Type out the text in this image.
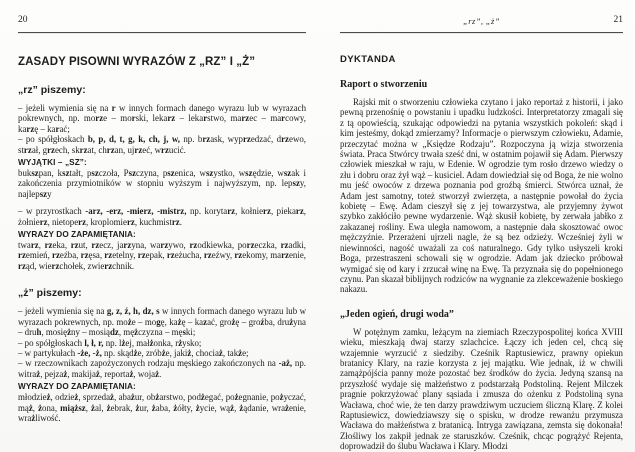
20
ZASADY PISOWNI WYRAZÓW Z „RZ” I „Ż”
„rz” piszemy:

– jeżeli wymienia się na r w innych formach danego wyrazu lub w wyrazach pokrewnych, np. morze – morski, lekarz – lekarstwo, marzec – marcowy, karzę – karać;

– po spółgłoskach b, p, d, t, g, k, ch, j, w, np. brzask, wyprzedzać, drzewo, strzał, grzech, skrzat, chrzan, ujrzeć, wrzucić.

WYJĄTKI – „SZ”:

bukszpan, kształt, pszczoła, Pszczyna, pszenica, wszystko, wszędzie, wszak i zakończenia przymiotników w stopniu wyższym i najwyższym, np. lepszy, najlepszy

– w przyrostkach -arz, -erz, -mierz, -mistrz, np. korytarz, kołnierz, piekarz, żołnierz, nietoperz, kroplomierz, kuchmistrz.

WYRAZY DO ZAPAMIĘTANIA:

twarz, rzeka, rzut, rzecz, jarzyna, warzywo, rzodkiewka, porzeczka, rzadki, rzemień, rzeźba, rzęsa, rzetelny, rzepak, rzeżucha, rzeźwy, rzekomy, marzenie, rząd, wierzchołek, zwierzchnik.

„ż” piszemy:

– jeżeli wymienia się na g, z, ź, h, dz, s w innych formach danego wyrazu lub w wyrazach pokrewnych, np. może – mogę, każę – kazać, grożę – groźba, drużyna – druh, mosiężny – mosiądz, mężczyzna – męski;

– po spółgłoskach l, ł, r, np. lżej, małżonka, rżysko;

– w partykułach -że, -ż, np. skądże, zróbże, jakiż, chociaż, także;

– w rzeczownikach zapożyczonych rodzaju męskiego zakończonych na -aż, np. witraż, pejzaż, makijaż, reportaż, wojaż.

WYRAZY DO ZAPAMIĘTANIA:

młodzież, odzież, sprzedaż, abażur, obżarstwo, podżegać, pożegnanie, pożyczać, mąż, żona, miąższ, żal, żebrak, żur, żaba, żółty, życie, wąż, żądanie, wrażenie, wrażliwość.

„rz”, „ż”	21
DYKTANDA
Raport o stworzeniu

Rajski mit o stworzeniu człowieka czytano i jako reportaż z historii, i jako pewną przenośnię o powstaniu i upadku ludzkości. Interpretatorzy zmagali się z tą opowieścią, szukając odpowiedzi na pytania wszystkich pokoleń: skąd i kim jesteśmy, dokąd zmierzamy? Informacje o pierwszym człowieku, Adamie, przeczytać można w „Księdze Rodzaju”. Rozpoczyna ją wizja stworzenia świata. Praca Stwórcy trwała sześć dni, w ostatnim pojawił się Adam. Pierwszy człowiek mieszkał w raju, w Edenie. W ogrodzie tym rosło drzewo wiedzy o złu i dobru oraz żył wąż – kusiciel. Adam dowiedział się od Boga, że nie wolno mu jeść owoców z drzewa poznania pod groźbą śmierci. Stwórca uznał, że Adam jest samotny, toteż stworzył zwierzęta, a następnie powołał do życia kobietę – Ewę. Adam cieszył się z jej towarzystwa, ale przyjemny żywot szybko zakłóciło pewne wydarzenie. Wąż skusił kobietę, by zerwała jabłko z zakazanej rośliny. Ewa uległa namowom, a następnie dała skosztować owoc mężczyźnie. Przerażeni ujrzeli nagle, że są bez odzieży. Wcześniej żyli w niewinności, nagość uważali za coś naturalnego. Gdy tylko usłyszeli kroki Boga, przestraszeni schowali się w ogrodzie. Adam jak dziecko próbował wymigać się od kary i zrzucał winę na Ewę. Ta przyznała się do popełnionego czynu. Pan skazał biblijnych rodziców na wygnanie za zlekceważenie boskiego nakazu.

„Jeden ogień, drugi woda”

W potężnym zamku, leżącym na ziemiach Rzeczypospolitej końca XVIII wieku, mieszkają dwaj starzy szlachcice. Łączy ich jeden cel, chcą się wzajemnie wyrzucić z siedziby. Cześnik Raptusiewicz, prawny opiekun bratanicy Klary, na razie korzysta z jej majątku. Wie jednak, iż w chwili zamążpójścia panny może pozostać bez środków do życia. Jedyną szansą na przyszłość wydaje się małżeństwo z podstarzałą Podstoliną. Rejent Milczek pragnie pokrzyżować plany sąsiada i zmusza do ożenku z Podstoliną syna Wacława, choć wie, że ten darzy prawdziwym uczuciem śliczną Klarę. Z kolei Raptusiewicz, dowiedziawszy się o spisku, w drodze rewanżu przymusza Wacława do małżeństwa z bratanicą. Intryga zawiązana, zemsta się dokonała! Złośliwy los zakpił jednak ze staruszków. Cześnik, chcąc pogrążyć Rejenta, doprowadził do ślubu Wacława i Klary. Młodzi
